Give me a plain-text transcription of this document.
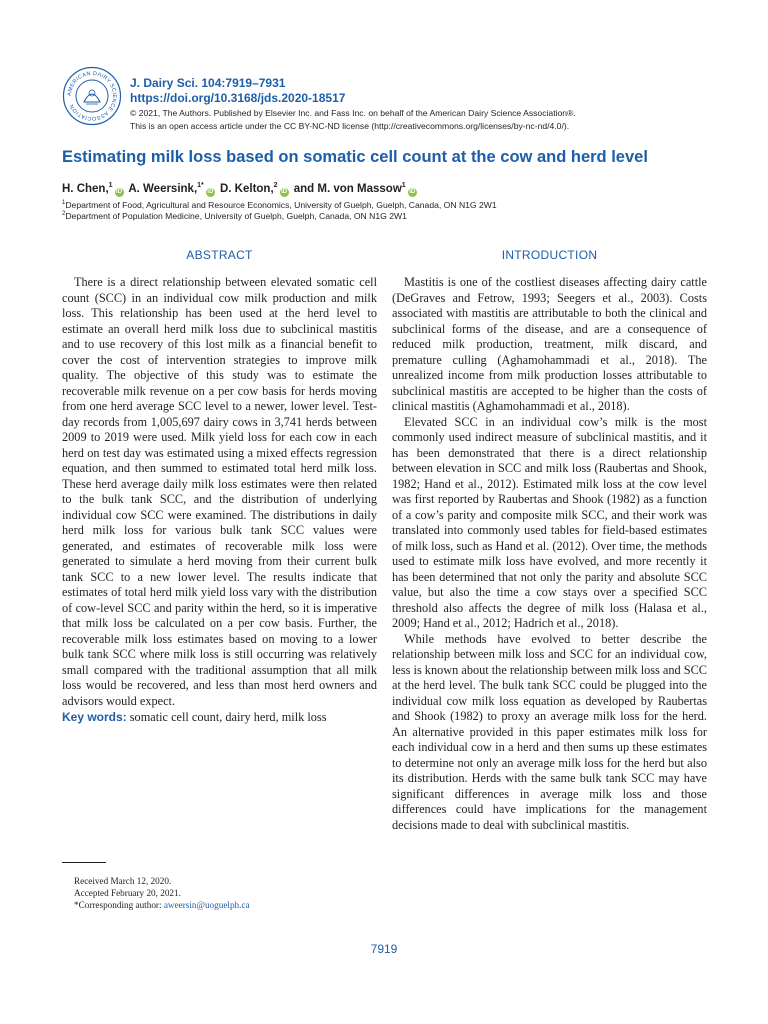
AMERICAN DAIRY SCIENCE ASSOCIATION
J. Dairy Sci. 104:7919–7931
https://doi.org/10.3168/jds.2020-18517
© 2021, The Authors. Published by Elsevier Inc. and Fass Inc. on behalf of the American Dairy Science Association®.
This is an open access article under the CC BY-NC-ND license (http://creativecommons.org/licenses/by-nc-nd/4.0/).
Estimating milk loss based on somatic cell count at the cow and herd level
H. Chen,$^1$iD A. Weersink,$^{1*}$iD D. Kelton,$^2$iD and M. von Massow$^1$iD
$^1$Department of Food, Agricultural and Resource Economics, University of Guelph, Guelph, Canada, ON N1G 2W1
$^2$Department of Population Medicine, University of Guelph, Guelph, Canada, ON N1G 2W1
ABSTRACT

There is a direct relationship between elevated somatic cell count (SCC) in an individual cow milk production and milk loss. This relationship has been used at the herd level to estimate an overall herd milk loss due to subclinical mastitis and to use recovery of this lost milk as a financial benefit to cover the cost of intervention strategies to improve milk quality. The objective of this study was to estimate the recoverable milk revenue on a per cow basis for herds moving from one herd average SCC level to a newer, lower level. Test-day records from 1,005,697 dairy cows in 3,741 herds between 2009 to 2019 were used. Milk yield loss for each cow in each herd on test day was estimated using a mixed effects regression equation, and then summed to estimated total herd milk loss. These herd average daily milk loss estimates were then related to the bulk tank SCC, and the distribution of underlying individual cow SCC were examined. The distributions in daily herd milk loss for various bulk tank SCC values were generated, and estimates of recoverable milk loss were generated to simulate a herd moving from their current bulk tank SCC to a new lower level. The results indicate that estimates of total herd milk yield loss vary with the distribution of cow-level SCC and parity within the herd, so it is imperative that milk loss be calculated on a per cow basis. Further, the recoverable milk loss estimates based on moving to a lower bulk tank SCC where milk loss is still occurring was relatively small compared with the traditional assumption that all milk loss would be recovered, and less than most herd owners and advisors would expect.

Key words: somatic cell count, dairy herd, milk loss

INTRODUCTION

Mastitis is one of the costliest diseases affecting dairy cattle (DeGraves and Fetrow, 1993; Seegers et al., 2003). Costs associated with mastitis are attributable to both the clinical and subclinical forms of the disease, and are a consequence of reduced milk production, treatment, milk discard, and premature culling (Aghamohammadi et al., 2018). The unrealized income from milk production losses attributable to subclinical mastitis are accepted to be higher than the costs of clinical mastitis (Aghamohammadi et al., 2018).

Elevated SCC in an individual cow’s milk is the most commonly used indirect measure of subclinical mastitis, and it has been demonstrated that there is a direct relationship between elevation in SCC and milk loss (Raubertas and Shook, 1982; Hand et al., 2012). Estimated milk loss at the cow level was first reported by Raubertas and Shook (1982) as a function of a cow’s parity and composite milk SCC, and their work was translated into commonly used tables for field-based estimates of milk loss, such as Hand et al. (2012). Over time, the methods used to estimate milk loss have evolved, and more recently it has been determined that not only the parity and absolute SCC value, but also the time a cow stays over a specified SCC threshold also affects the degree of milk loss (Halasa et al., 2009; Hand et al., 2012; Hadrich et al., 2018).

While methods have evolved to better describe the relationship between milk loss and SCC for an individual cow, less is known about the relationship between milk loss and SCC at the herd level. The bulk tank SCC could be plugged into the individual cow milk loss equation as developed by Raubertas and Shook (1982) to proxy an average milk loss for the herd. An alternative provided in this paper estimates milk loss for each individual cow in a herd and then sums up these estimates to determine not only an average milk loss for the herd but also its distribution. Herds with the same bulk tank SCC may have significant differences in average milk loss and those differences could have implications for the management decisions made to deal with subclinical mastitis.

Received March 12, 2020.
Accepted February 20, 2021.
*Corresponding author: aweersin@uoguelph.ca
7919
